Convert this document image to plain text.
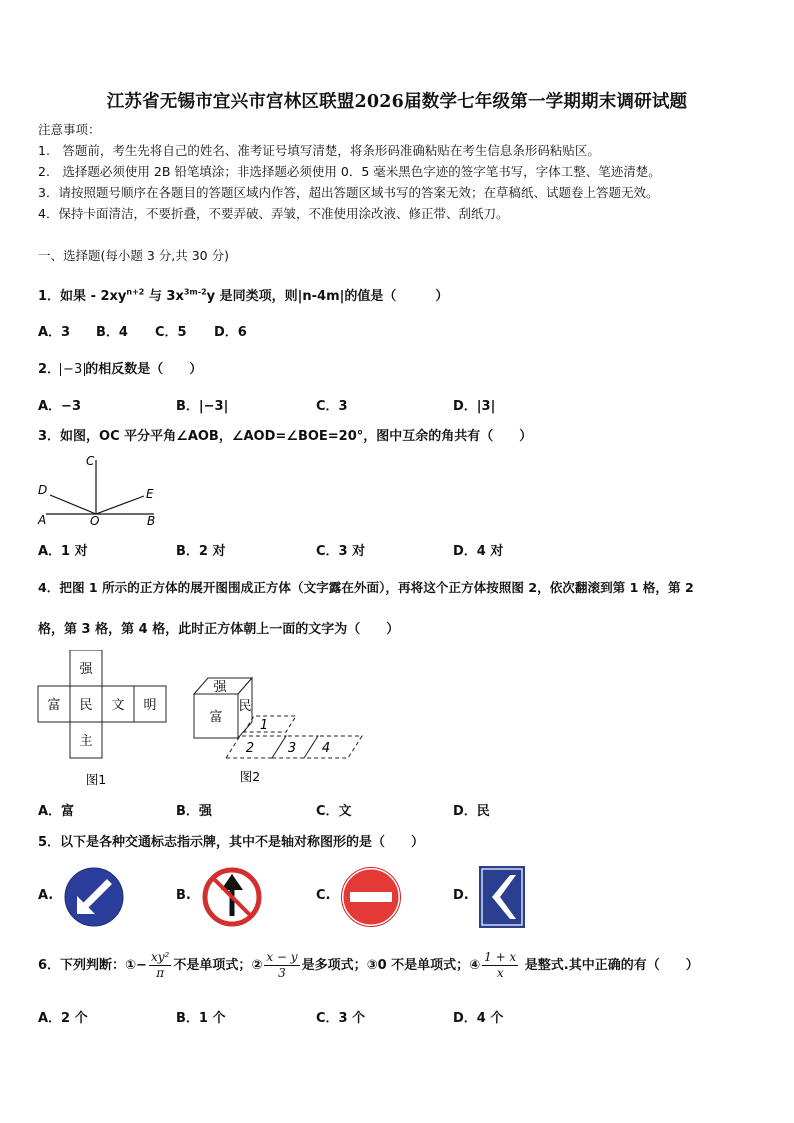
江苏省无锡市宜兴市宫林区联盟2026届数学七年级第一学期期末调研试题
注意事项：
1.　答题前，考生先将自己的姓名、准考证号填写清楚，将条形码准确粘贴在考生信息条形码粘贴区。
2.　选择题必须使用 2B 铅笔填涂；非选择题必须使用 0．5 毫米黑色字迹的签字笔书写，字体工整、笔迹清楚。
3．请按照题号顺序在各题目的答题区域内作答，超出答题区域书写的答案无效；在草稿纸、试题卷上答题无效。
4．保持卡面清洁，不要折叠，不要弄破、弄皱，不准使用涂改液、修正带、刮纸刀。
一、选择题(每小题 3 分,共 30 分)
1．如果 - $2xy^{n+2}$ 与 $3x^{3m-2}y$ 是同类项，则|n-4m|的值是（　　　）
A．3 B．4 C．5 D．6
2． −3 的相反数是（　　）
A．−3	B．|−3|	C．3	D．|3|
3．如图，OC 平分平角∠AOB，∠AOD=∠BOE=20°，图中互余的角共有（　　）
C
D	E
A	O	B
A．1 对	B．2 对	C．3 对	D．4 对
4．把图 1 所示的正方体的展开图围成正方体（文字露在外面），再将这个正方体按照图 2，依次翻滚到第 1 格，第 2
格，第 3 格，第 4 格，此时正方体朝上一面的文字为（　　）
强
富 民 文 明
主
图1
强
富
民
1
2	3 4
图2
A．富	B．强	C．文	D．民
5．以下是各种交通标志指示牌，其中不是轴对称图形的是（　　）
A.	B.	C.	D.
6．下列判断：①− $\frac{\text{xy²}}{\pi}$ 不是单项式；② $\frac{x - y}{3}$ 是多项式；③0 不是单项式；④ $\frac{1 + x}{x}$ 是整式.其中正确的有（　　）
A．2 个	B．1 个	C．3 个	D．4 个
